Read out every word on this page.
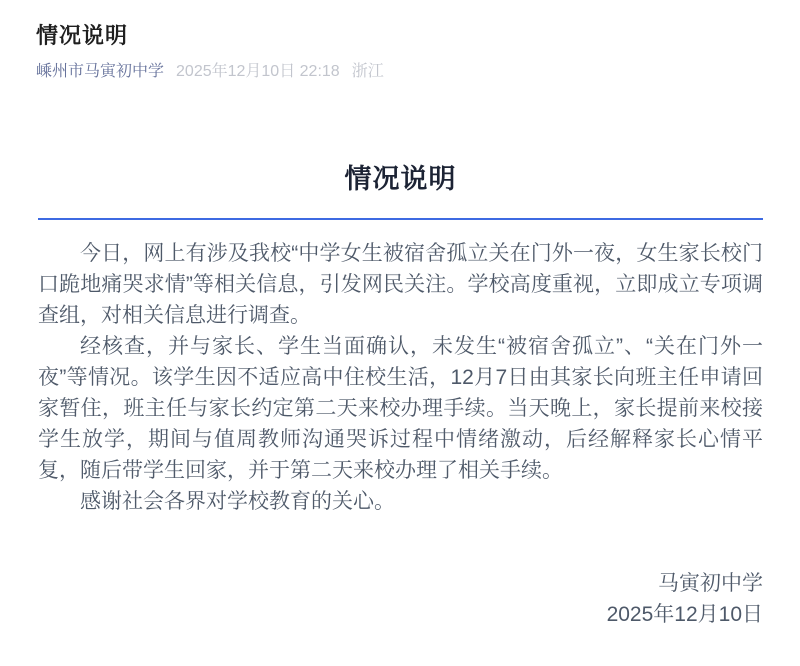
情况说明
嵊州市马寅初中学 2025年12月10日 22:18 浙江
情况说明

今日，网上有涉及我校“中学女生被宿舍孤立关在门外一夜，女生家长校门口跪地痛哭求情”等相关信息，引发网民关注。学校高度重视，立即成立专项调查组，对相关信息进行调查。

经核查，并与家长、学生当面确认，未发生“被宿舍孤立”、“关在门外一夜”等情况。该学生因不适应高中住校生活，12月7日由其家长向班主任申请回家暂住，班主任与家长约定第二天来校办理手续。当天晚上，家长提前来校接学生放学，期间与值周教师沟通哭诉过程中情绪激动，后经解释家长心情平复，随后带学生回家，并于第二天来校办理了相关手续。

感谢社会各界对学校教育的关心。

马寅初中学
2025年12月10日
